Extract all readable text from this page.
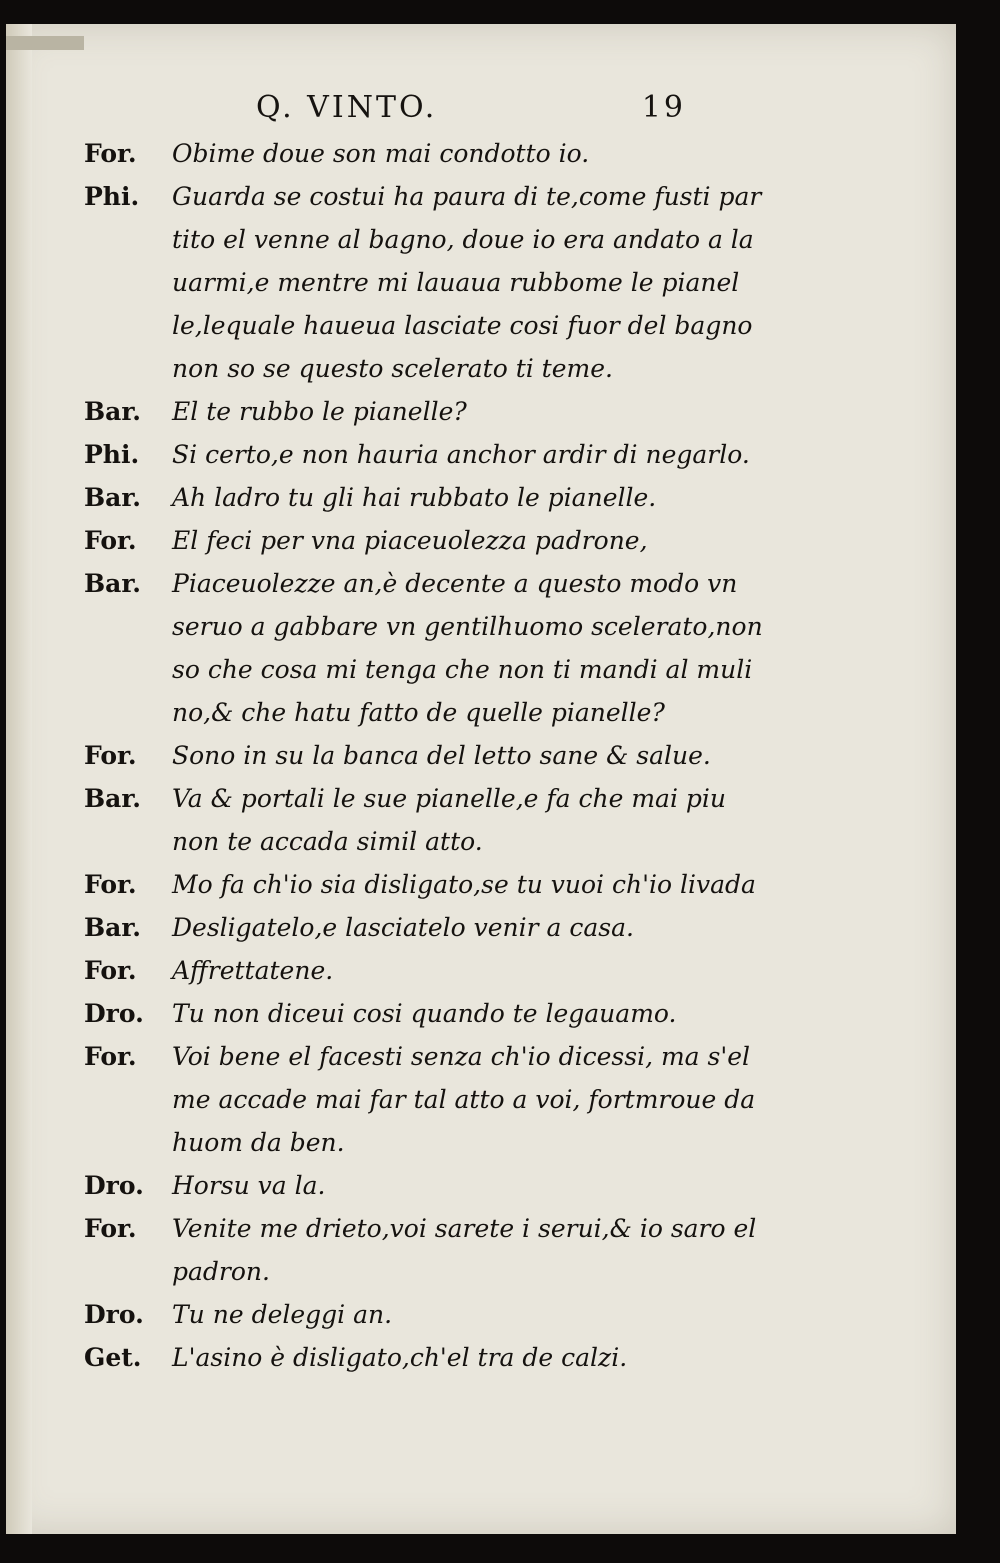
Q. VINTO.	19
For.	Obime doue son mai condotto io.
Phi.	Guarda se costui ha paura di te,come fusti par
tito el venne al bagno, doue io era andato a la
uarmi,e mentre mi lauaua rubbome le pianel
le,lequale haueua lasciate cosi fuor del bagno
non so se questo scelerato ti teme.
Bar.	El te rubbo le pianelle?
Phi.	Si certo,e non hauria anchor ardir di negarlo.
Bar.	Ah ladro tu gli hai rubbato le pianelle.
For.	El feci per vna piaceuolezza padrone,
Bar.	Piaceuolezze an,è decente a questo modo vn
seruo a gabbare vn gentilhuomo scelerato,non
so che cosa mi tenga che non ti mandi al muli
no,& che hatu fatto de quelle pianelle?
For.	Sono in su la banca del letto sane & salue.
Bar.	Va & portali le sue pianelle,e fa che mai piu
non te accada simil atto.
For.	Mo fa ch'io sia disligato,se tu vuoi ch'io livada
Bar.	Desligatelo,e lasciatelo venir a casa.
For.	Affrettatene.
Dro.	Tu non diceui cosi quando te legauamo.
For.	Voi bene el facesti senza ch'io dicessi, ma s'el
me accade mai far tal atto a voi, fortmroue da
huom da ben.
Dro.	Horsu va la.
For.	Venite me drieto,voi sarete i serui,& io saro el
padron.
Dro.	Tu ne deleggi an.
Get.	L'asino è disligato,ch'el tra de calzi.
